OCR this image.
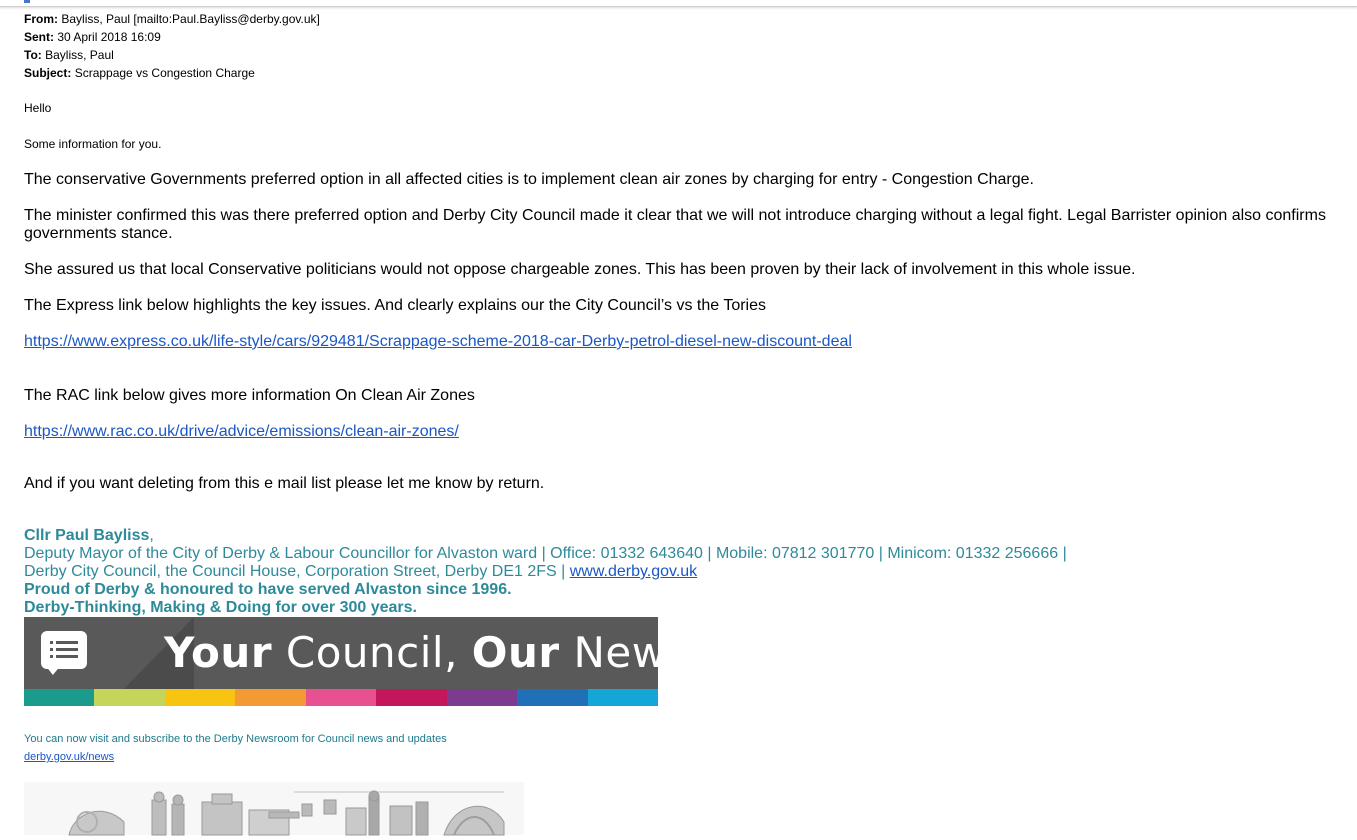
From: Bayliss, Paul [mailto:Paul.Bayliss@derby.gov.uk]
Sent: 30 April 2018 16:09
To: Bayliss, Paul
Subject: Scrappage vs Congestion Charge
Hello
Some information for you.
The conservative Governments preferred option in all affected cities is to implement clean air zones by charging for entry - Congestion Charge.
The minister confirmed this was there preferred option and Derby City Council made it clear that we will not introduce charging without a legal fight. Legal Barrister opinion also confirms governments stance.
She assured us that local Conservative politicians would not oppose chargeable zones. This has been proven by their lack of involvement in this whole issue.
The Express link below highlights the key issues. And clearly explains our the City Council’s vs the Tories
https://www.express.co.uk/life-style/cars/929481/Scrappage-scheme-2018-car-Derby-petrol-diesel-new-discount-deal
The RAC link below gives more information On Clean Air Zones
https://www.rac.co.uk/drive/advice/emissions/clean-air-zones/
And if you want deleting from this e mail list please let me know by return.
Cllr Paul Bayliss,
Deputy Mayor of the City of Derby & Labour Councillor for Alvaston ward | Office: 01332 643640 | Mobile: 07812 301770 | Minicom: 01332 256666 |
Derby City Council, the Council House, Corporation Street, Derby DE1 2FS | www.derby.gov.uk
Proud of Derby & honoured to have served Alvaston since 1996.
Derby-Thinking, Making & Doing for over 300 years.
Your Council, Our News
You can now visit and subscribe to the Derby Newsroom for Council news and updates
derby.gov.uk/news
